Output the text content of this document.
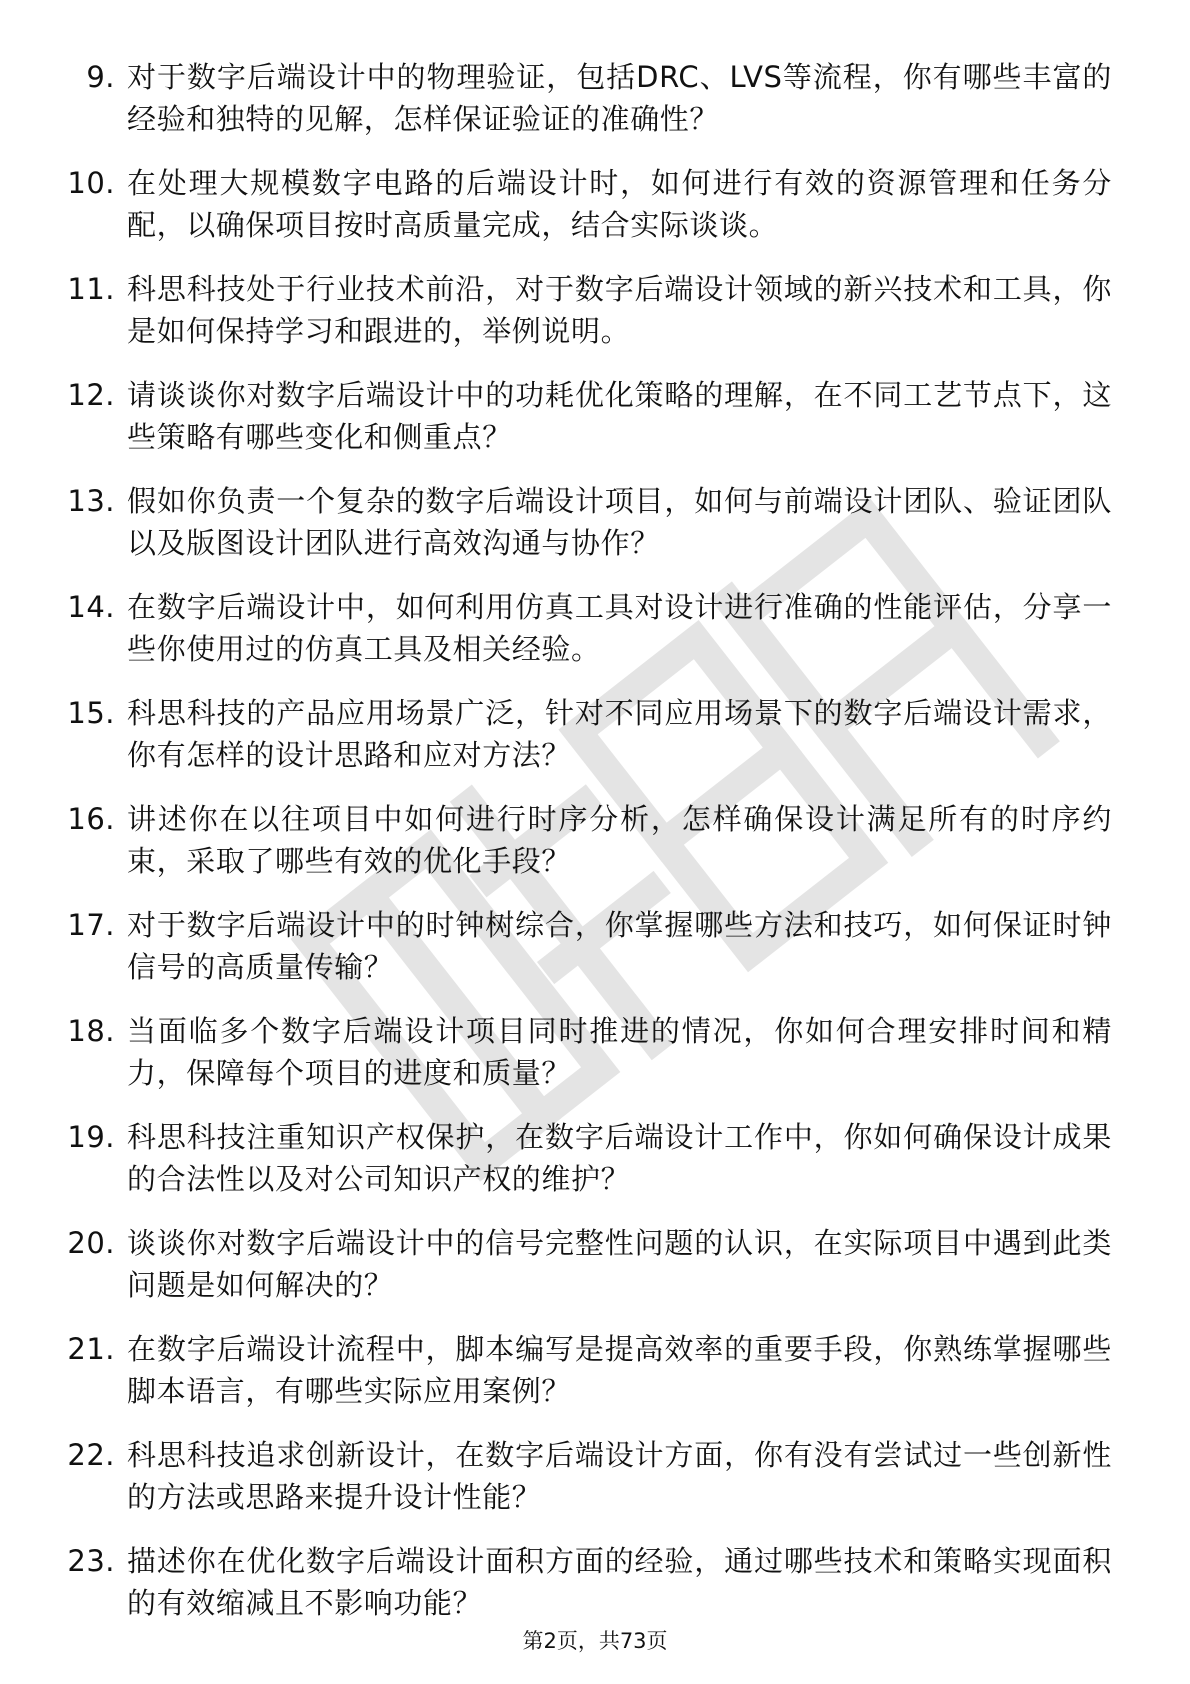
9. 对于数字后端设计中的物理验证，包括DRC、LVS等流程，你有哪些丰富的经验和独特的见解，怎样保证验证的准确性？
10. 在处理大规模数字电路的后端设计时，如何进行有效的资源管理和任务分配，以确保项目按时高质量完成，结合实际谈谈。
11. 科思科技处于行业技术前沿，对于数字后端设计领域的新兴技术和工具，你是如何保持学习和跟进的，举例说明。
12. 请谈谈你对数字后端设计中的功耗优化策略的理解，在不同工艺节点下，这些策略有哪些变化和侧重点？
13. 假如你负责一个复杂的数字后端设计项目，如何与前端设计团队、验证团队以及版图设计团队进行高效沟通与协作？
14. 在数字后端设计中，如何利用仿真工具对设计进行准确的性能评估，分享一些你使用过的仿真工具及相关经验。
15. 科思科技的产品应用场景广泛，针对不同应用场景下的数字后端设计需求，你有怎样的设计思路和应对方法？
16. 讲述你在以往项目中如何进行时序分析，怎样确保设计满足所有的时序约束，采取了哪些有效的优化手段？
17. 对于数字后端设计中的时钟树综合，你掌握哪些方法和技巧，如何保证时钟信号的高质量传输？
18. 当面临多个数字后端设计项目同时推进的情况，你如何合理安排时间和精力，保障每个项目的进度和质量？
19. 科思科技注重知识产权保护，在数字后端设计工作中，你如何确保设计成果的合法性以及对公司知识产权的维护？
20. 谈谈你对数字后端设计中的信号完整性问题的认识，在实际项目中遇到此类问题是如何解决的？
21. 在数字后端设计流程中，脚本编写是提高效率的重要手段，你熟练掌握哪些脚本语言，有哪些实际应用案例？
22. 科思科技追求创新设计，在数字后端设计方面，你有没有尝试过一些创新性的方法或思路来提升设计性能？
23. 描述你在优化数字后端设计面积方面的经验，通过哪些技术和策略实现面积的有效缩减且不影响功能？
第2页，共73页
